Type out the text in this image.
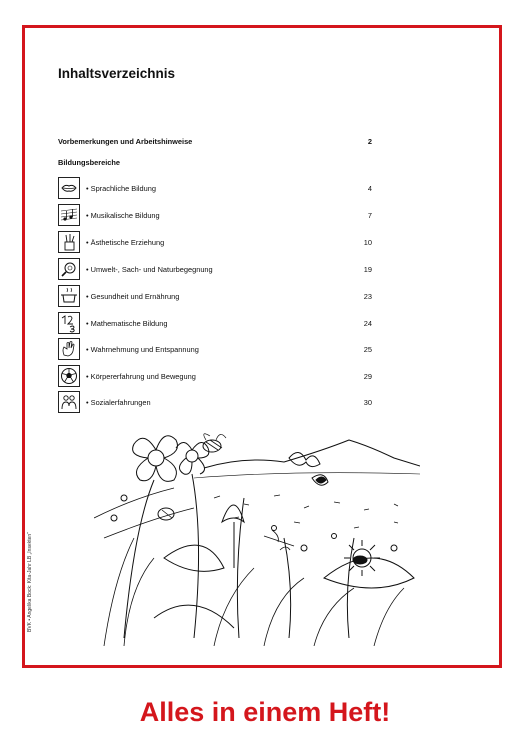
Inhaltsverzeichnis
Vorbemerkungen und Arbeitshinweise	2
Bildungsbereiche
• Sprachliche Bildung	4
• Musikalische Bildung	7
• Ästhetische Erziehung	10
• Umwelt-, Sach- und Naturbegegnung	19
• Gesundheit und Ernährung	23
• Mathematische Bildung	24
• Wahrnehmung und Entspannung	25
• Körpererfahrung und Bewegung	29
• Sozialerfahrungen	30
BVK • Angelika Bock: Kita-Jahr LB „Insekten“
Alles in einem Heft!
